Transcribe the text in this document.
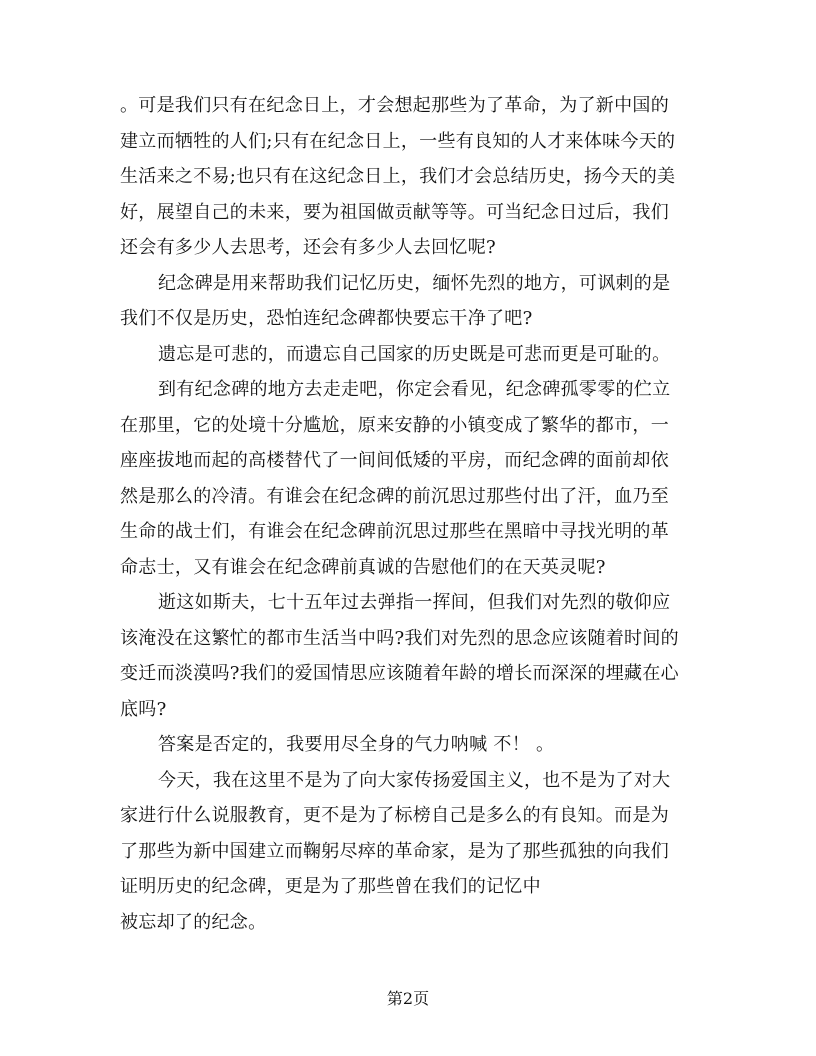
。可是我们只有在纪念日上，才会想起那些为了革命，为了新中国的
建立而牺牲的人们;只有在纪念日上，一些有良知的人才来体味今天的
生活来之不易;也只有在这纪念日上，我们才会总结历史，扬今天的美
好，展望自己的未来，要为祖国做贡献等等。可当纪念日过后，我们
还会有多少人去思考，还会有多少人去回忆呢?

纪念碑是用来帮助我们记忆历史，缅怀先烈的地方，可讽刺的是
我们不仅是历史，恐怕连纪念碑都快要忘干净了吧?

遗忘是可悲的，而遗忘自己国家的历史既是可悲而更是可耻的。

到有纪念碑的地方去走走吧，你定会看见，纪念碑孤零零的伫立
在那里，它的处境十分尴尬，原来安静的小镇变成了繁华的都市，一
座座拔地而起的高楼替代了一间间低矮的平房，而纪念碑的面前却依
然是那么的冷清。有谁会在纪念碑的前沉思过那些付出了汗，血乃至
生命的战士们，有谁会在纪念碑前沉思过那些在黑暗中寻找光明的革
命志士，又有谁会在纪念碑前真诚的告慰他们的在天英灵呢?

逝这如斯夫，七十五年过去弹指一挥间，但我们对先烈的敬仰应
该淹没在这繁忙的都市生活当中吗?我们对先烈的思念应该随着时间的
变迁而淡漠吗?我们的爱国情思应该随着年龄的增长而深深的埋藏在心
底吗?

答案是否定的，我要用尽全身的气力呐喊 不！ 。

今天，我在这里不是为了向大家传扬爱国主义，也不是为了对大
家进行什么说服教育，更不是为了标榜自己是多么的有良知。而是为
了那些为新中国建立而鞠躬尽瘁的革命家，是为了那些孤独的向我们
证明历史的纪念碑，更是为了那些曾在我们的记忆中
被忘却了的纪念。

第2页
